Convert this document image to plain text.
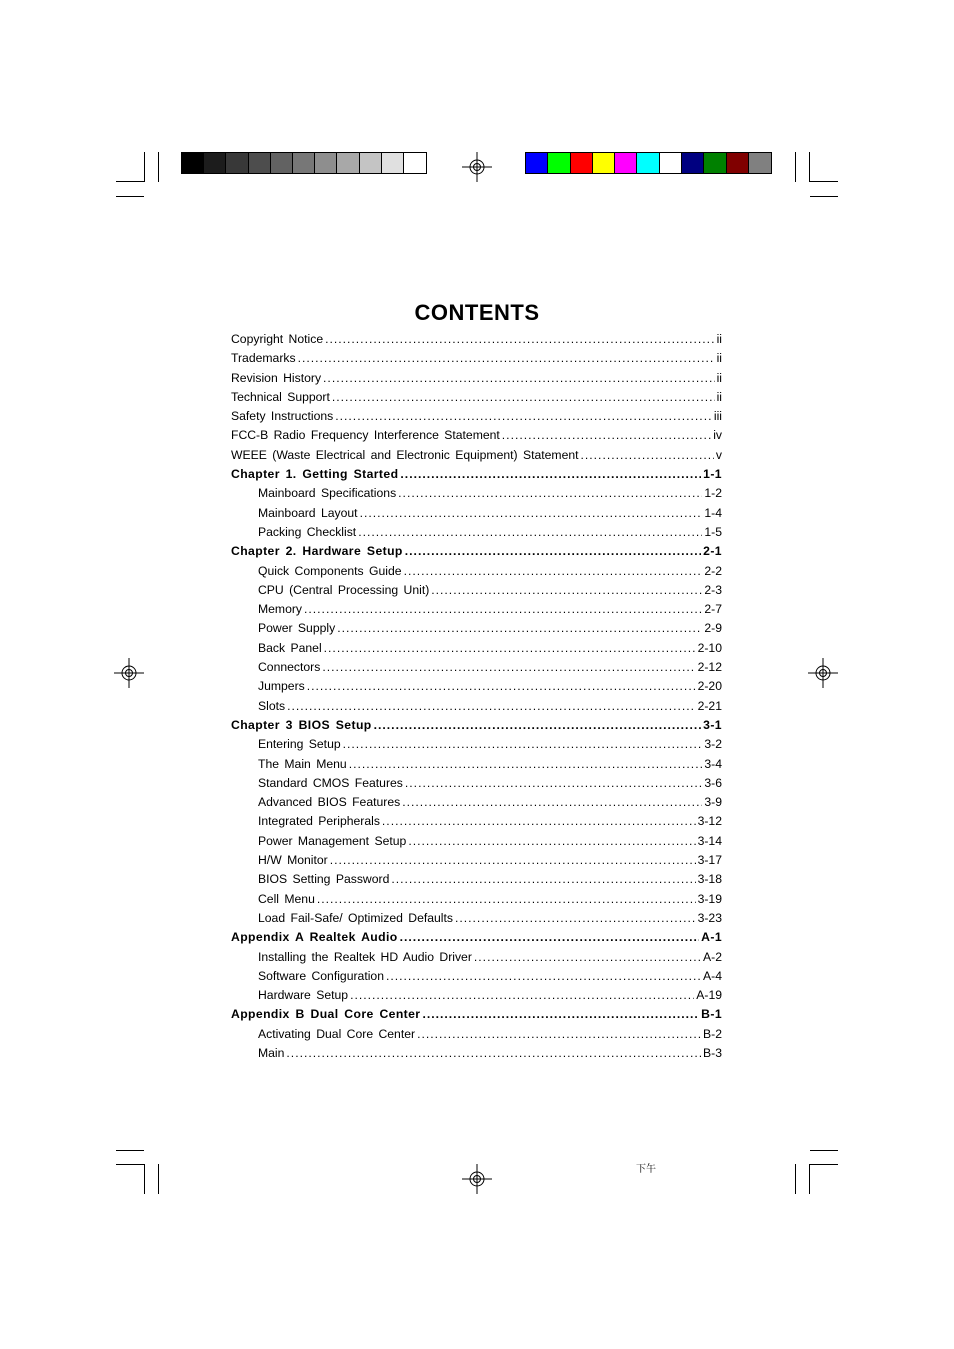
CONTENTS
Copyright Notice .....	ii
Trademarks .....	ii
Revision History .....	ii
Technical Support .....	ii
Safety Instructions .....	iii
FCC-B Radio Frequency Interference Statement .....	iv
WEEE (Waste Electrical and Electronic Equipment) Statement .....	v
Chapter 1. Getting Started .....	1-1
Mainboard Specifications .....	1-2
Mainboard Layout .....	1-4
Packing Checklist .....	1-5
Chapter 2. Hardware Setup .....	2-1
Quick Components Guide .....	2-2
CPU (Central Processing Unit) .....	2-3
Memory .....	2-7
Power Supply .....	2-9
Back Panel .....	2-10
Connectors .....	2-12
Jumpers .....	2-20
Slots .....	2-21
Chapter 3 BIOS Setup .....	3-1
Entering Setup .....	3-2
The Main Menu .....	3-4
Standard CMOS Features .....	3-6
Advanced BIOS Features .....	3-9
Integrated Peripherals .....	3-12
Power Management Setup .....	3-14
H/W Monitor .....	3-17
BIOS Setting Password .....	3-18
Cell Menu .....	3-19
Load Fail-Safe/ Optimized Defaults .....	3-23
Appendix A Realtek Audio .....	A-1
Installing the Realtek HD Audio Driver .....	A-2
Software Configuration .....	A-4
Hardware Setup .....	A-19
Appendix B Dual Core Center .....	B-1
Activating Dual Core Center .....	B-2
Main .....	B-3
下午
